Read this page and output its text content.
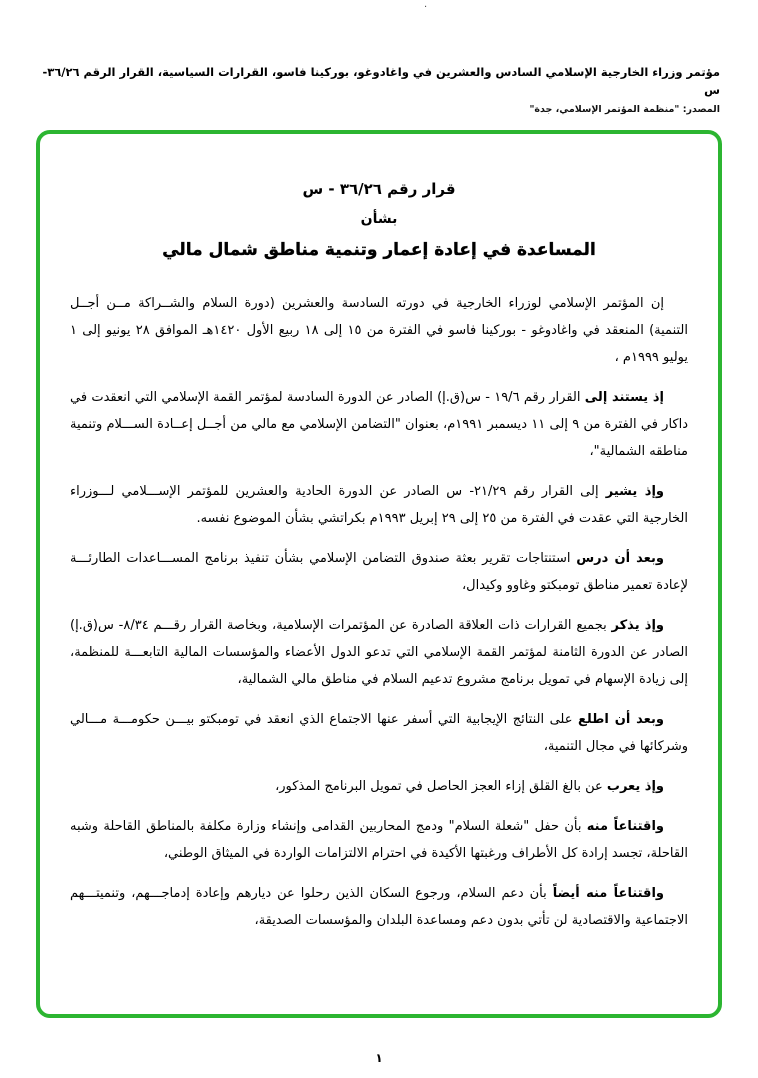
·
مؤتمر وزراء الخارجية الإسلامي السادس والعشرين في واغادوغو، بوركينا فاسو، القرارات السياسية، القرار الرقم ٣٦/٢٦-س
المصدر: "منظمة المؤتمر الإسلامي، جدة"
قرار رقم ٣٦/٢٦ - س
بشأن
المساعدة في إعادة إعمار وتنمية مناطق شمال مالي

إن المؤتمر الإسلامي لوزراء الخارجية في دورته السادسة والعشرين (دورة السلام والشــراكة مــن أجــل التنمية) المنعقد في واغادوغو - بوركينا فاسو في الفترة من ١٥ إلى ١٨ ربيع الأول ١٤٢٠هـ الموافق ٢٨ يونيو إلى ١ يوليو ١٩٩٩م ،

إذ يستند إلى القرار رقم ١٩/٦ - س(ق.إ) الصادر عن الدورة السادسة لمؤتمر القمة الإسلامي التي انعقدت في داكار في الفترة من ٩ إلى ١١ ديسمبر ١٩٩١م، بعنوان "التضامن الإسلامي مع مالي من أجــل إعــادة الســـلام وتنمية مناطقه الشمالية"،

وإذ يشير إلى القرار رقم ٢١/٢٩- س الصادر عن الدورة الحادية والعشرين للمؤتمر الإســـلامي لـــوزراء الخارجية التي عقدت في الفترة من ٢٥ إلى ٢٩ إبريل ١٩٩٣م بكراتشي بشأن الموضوع نفسه.

وبعد أن درس استنتاجات تقرير بعثة صندوق التضامن الإسلامي بشأن تنفيذ برنامج المســـاعدات الطارئـــة لإعادة تعمير مناطق تومبكتو وغاوو وكيدال،

وإذ يذكر بجميع القرارات ذات العلاقة الصادرة عن المؤتمرات الإسلامية، وبخاصة القرار رقـــم ٨/٣٤- س(ق.إ) الصادر عن الدورة الثامنة لمؤتمر القمة الإسلامي التي تدعو الدول الأعضاء والمؤسسات المالية التابعـــة للمنظمة، إلى زيادة الإسهام في تمويل برنامج مشروع تدعيم السلام في مناطق مالي الشمالية،

وبعد أن اطلع على النتائج الإيجابية التي أسفر عنها الاجتماع الذي انعقد في تومبكتو بيـــن حكومـــة مـــالي وشركائها في مجال التنمية،

وإذ يعرب عن بالغ القلق إزاء العجز الحاصل في تمويل البرنامج المذكور،

واقتناعاً منه بأن حفل "شعلة السلام" ودمج المحاربين القدامى وإنشاء وزارة مكلفة بالمناطق القاحلة وشبه القاحلة، تجسد إرادة كل الأطراف ورغبتها الأكيدة في احترام الالتزامات الواردة في الميثاق الوطني،

واقتناعاً منه أيضاً بأن دعم السلام، ورجوع السكان الذين رحلوا عن ديارهم وإعادة إدماجـــهم، وتنميتـــهم الاجتماعية والاقتصادية لن تأتي بدون دعم ومساعدة البلدان والمؤسسات الصديقة،

١
